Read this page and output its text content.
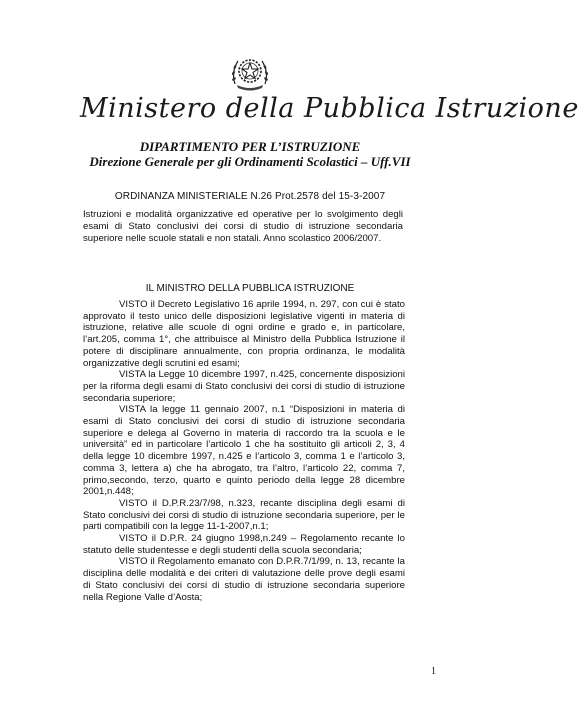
Ministero della Pubblica Istruzione
DIPARTIMENTO PER L’ISTRUZIONE
Direzione Generale per gli Ordinamenti Scolastici – Uff.VII
ORDINANZA MINISTERIALE N.26 Prot.2578 del 15-3-2007
Istruzioni e modalità organizzative ed operative per lo svolgimento degli esami di Stato conclusivi dei corsi di studio di istruzione secondaria superiore nelle scuole statali e non statali. Anno scolastico 2006/2007.
IL MINISTRO DELLA PUBBLICA ISTRUZIONE

VISTO il Decreto Legislativo 16 aprile 1994, n. 297, con cui è stato approvato il testo unico delle disposizioni legislative vigenti in materia di istruzione, relative alle scuole di ogni ordine e grado e, in particolare, l’art.205, comma 1°, che attribuisce al Ministro della Pubblica Istruzione il potere di disciplinare annualmente, con propria ordinanza, le modalità organizzative degli scrutini ed esami;

VISTA la Legge 10 dicembre 1997, n.425, concernente disposizioni per la riforma degli esami di Stato conclusivi dei corsi di studio di istruzione secondaria superiore;

VISTA la legge 11 gennaio 2007, n.1 “Disposizioni in materia di esami di Stato conclusivi dei corsi di studio di istruzione secondaria superiore e delega al Governo in materia di raccordo tra la scuola e le università” ed in particolare l’articolo 1 che ha sostituito gli articoli 2, 3, 4 della legge 10 dicembre 1997, n.425 e l’articolo 3, comma 1 e l’articolo 3, comma 3, lettera a) che ha abrogato, tra l’altro, l’articolo 22, comma 7, primo,secondo, terzo, quarto e quinto periodo della legge 28 dicembre 2001,n.448;

VISTO il D.P.R.23/7/98, n.323, recante disciplina degli esami di Stato conclusivi dei corsi di studio di istruzione secondaria superiore, per le parti compatibili con la legge 11-1-2007,n.1;

VISTO il D.P.R. 24 giugno 1998,n.249 – Regolamento recante lo statuto delle studentesse e degli studenti della scuola secondaria;

VISTO il Regolamento emanato con D.P.R.7/1/99, n. 13, recante la disciplina delle modalità e dei criteri di valutazione delle prove degli esami di Stato conclusivi dei corsi di studio di istruzione secondaria superiore nella Regione Valle d’Aosta;

1
